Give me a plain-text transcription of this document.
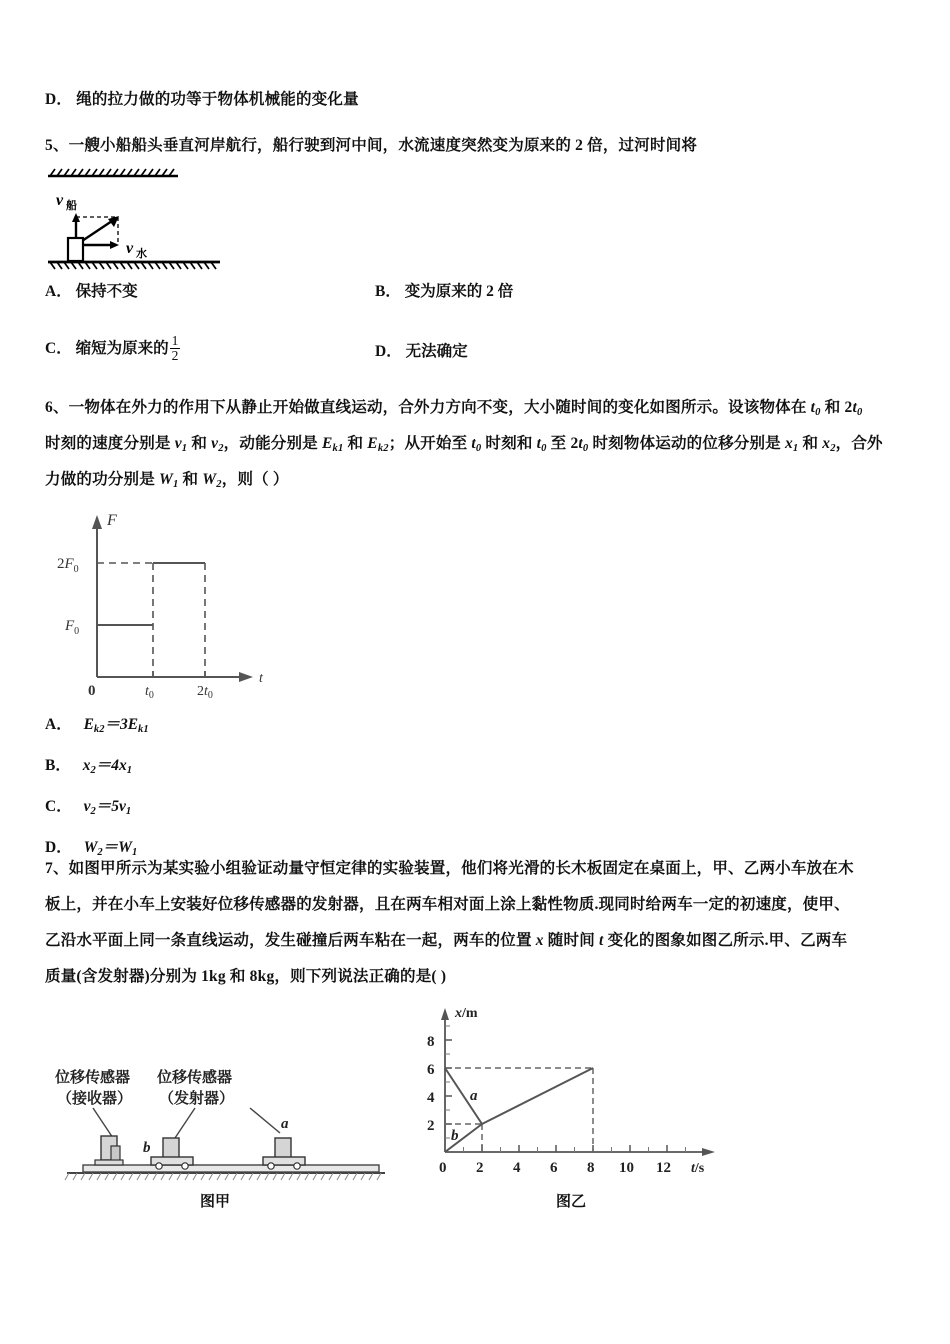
D． 绳的拉力做的功等于物体机械能的变化量
5、一艘小船船头垂直河岸航行，船行驶到河中间，水流速度突然变为原来的 2 倍，过河时间将
v 船
v 水
A． 保持不变	B． 变为原来的 2 倍
C． 缩短为原来的 $\frac{1}{2}$	D． 无法确定
6、一物体在外力的作用下从静止开始做直线运动，合外力方向不变，大小随时间的变化如图所示。设该物体在 $t_0$ 和 $2t_0$
时刻的速度分别是 $v_1$ 和 $v_2$，动能分别是 $E_{k1}$ 和 $E_{k2}$；从开始至 $t_0$ 时刻和 $t_0$ 至 $2t_0$ 时刻物体运动的位移分别是 $x_1$ 和 $x_2$，合外
力做的功分别是 $W_1$ 和 $W_2$，则（ ）
F
t
$2F_0$
$F_0$
0	$t_0$	$2t_0$
A． $E_{k2}=3E_{k1}$
B． $x_2=4x_1$
C． $v_2=5v_1$
D． $W_2=W_1$
7、如图甲所示为某实验小组验证动量守恒定律的实验装置，他们将光滑的长木板固定在桌面上，甲、乙两小车放在木
板上，并在小车上安装好位移传感器的发射器，且在两车相对面上涂上黏性物质.现同时给两车一定的初速度，使甲、
乙沿水平面上同一条直线运动，发生碰撞后两车粘在一起，两车的位置 x 随时间 t 变化的图象如图乙所示.甲、乙两车
质量(含发射器)分别为 1kg 和 8kg，则下列说法正确的是( )
位移传感器
（接收器）
位移传感器
（发射器）
b
a
图甲
x/m
t/s
2
4
6
8
0 2 4 6 8 10 12
a
b
图乙
